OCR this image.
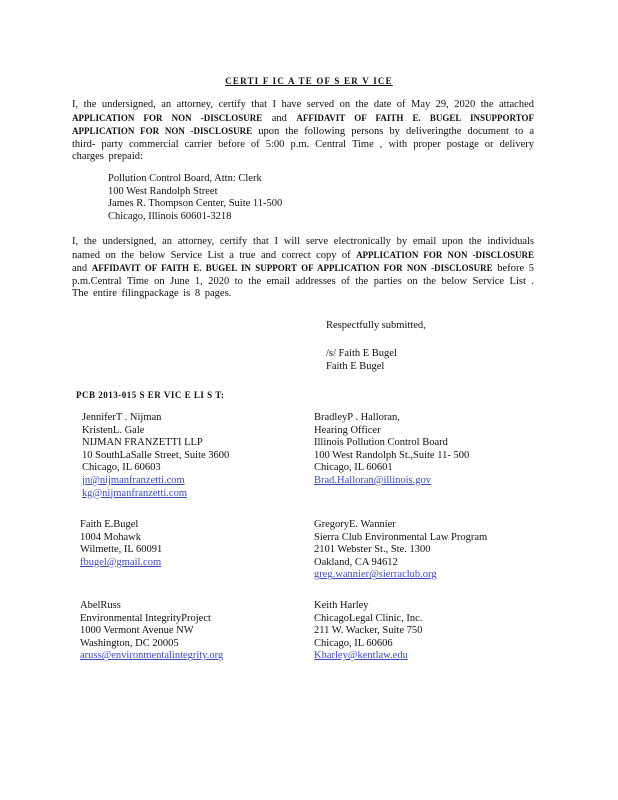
CERTI F IC A TE OF S ER V ICE
I, the undersigned, an attorney, certify that I have served on the date of May 29, 2020 the attached APPLICATION FOR NON -DISCLOSURE and AFFIDAVIT OF FAITH E. BUGEL INSUPPORTOF APPLICATION FOR NON -DISCLOSURE upon the following persons by deliveringthe document to a third- party commercial carrier before of 5:00 p.m. Central Time , with proper postage or delivery charges prepaid:
Pollution Control Board, Attn: Clerk
100 West Randolph Street
James R. Thompson Center, Suite 11-500
Chicago, Illinois 60601-3218
I, the undersigned, an attorney, certify that I will serve electronically by email upon the individuals named on the below Service List a true and correct copy of APPLICATION FOR NON -DISCLOSURE and AFFIDAVIT OF FAITH E. BUGEL IN SUPPORT OF APPLICATION FOR NON -DISCLOSURE before 5 p.m.Central Time on June 1, 2020 to the email addresses of the parties on the below Service List . The entire filingpackage is 8 pages.
Respectfully submitted,
/s/ Faith E Bugel
Faith E Bugel
PCB 2013-015 S ER VIC E LI S T:
JenniferT . Nijman
KristenL. Gale
NIJMAN FRANZETTI LLP
10 SouthLaSalle Street, Suite 3600
Chicago, IL 60603
jn@nijmanfranzetti.com
kg@nijmanfranzetti.com
Faith E.Bugel
1004 Mohawk
Wilmette, IL 60091
fbugel@gmail.com
AbelRuss
Environmental IntegrityProject
1000 Vermont Avenue NW
Washington, DC 20005
aruss@environmentalintegrity.org
BradleyP . Halloran,
Hearing Officer
Illinois Pollution Control Board
100 West Randolph St.,Suite 11- 500
Chicago, IL 60601
Brad.Halloran@illinois.gov
GregoryE. Wannier
Sierra Club Environmental Law Program
2101 Webster St., Ste. 1300
Oakland, CA 94612
greg.wannier@sierraclub.org
Keith Harley
ChicagoLegal Clinic, Inc.
211 W. Wacker, Suite 750
Chicago, IL 60606
Kharley@kentlaw.edu
